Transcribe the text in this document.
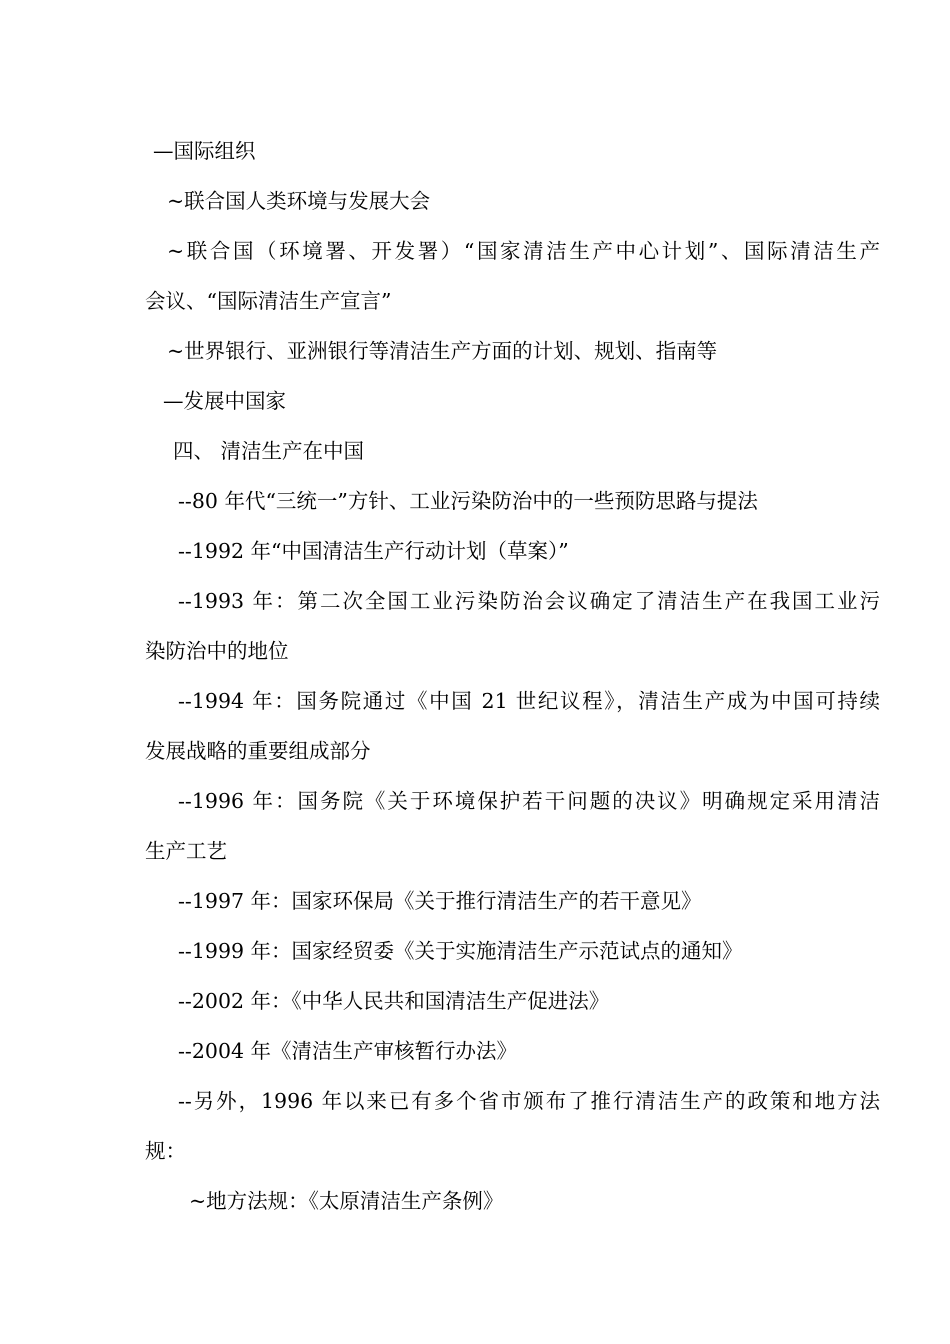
—国际组织
~联合国人类环境与发展大会
~联合国（环境署、开发署）“国家清洁生产中心计划”、国际清洁生产
会议、“国际清洁生产宣言”
~世界银行、亚洲银行等清洁生产方面的计划、规划、指南等
—发展中国家
四、 清洁生产在中国
--80 年代“三统一”方针、工业污染防治中的一些预防思路与提法
--1992 年“中国清洁生产行动计划（草案）”
--1993 年：第二次全国工业污染防治会议确定了清洁生产在我国工业污
染防治中的地位
--1994 年：国务院通过《中国 21 世纪议程》，清洁生产成为中国可持续
发展战略的重要组成部分
--1996 年：国务院《关于环境保护若干问题的决议》明确规定采用清洁
生产工艺
--1997 年：国家环保局《关于推行清洁生产的若干意见》
--1999 年：国家经贸委《关于实施清洁生产示范试点的通知》
--2002 年：《中华人民共和国清洁生产促进法》
--2004 年《清洁生产审核暂行办法》
--另外，1996 年以来已有多个省市颁布了推行清洁生产的政策和地方法
规：
~地方法规：《太原清洁生产条例》
